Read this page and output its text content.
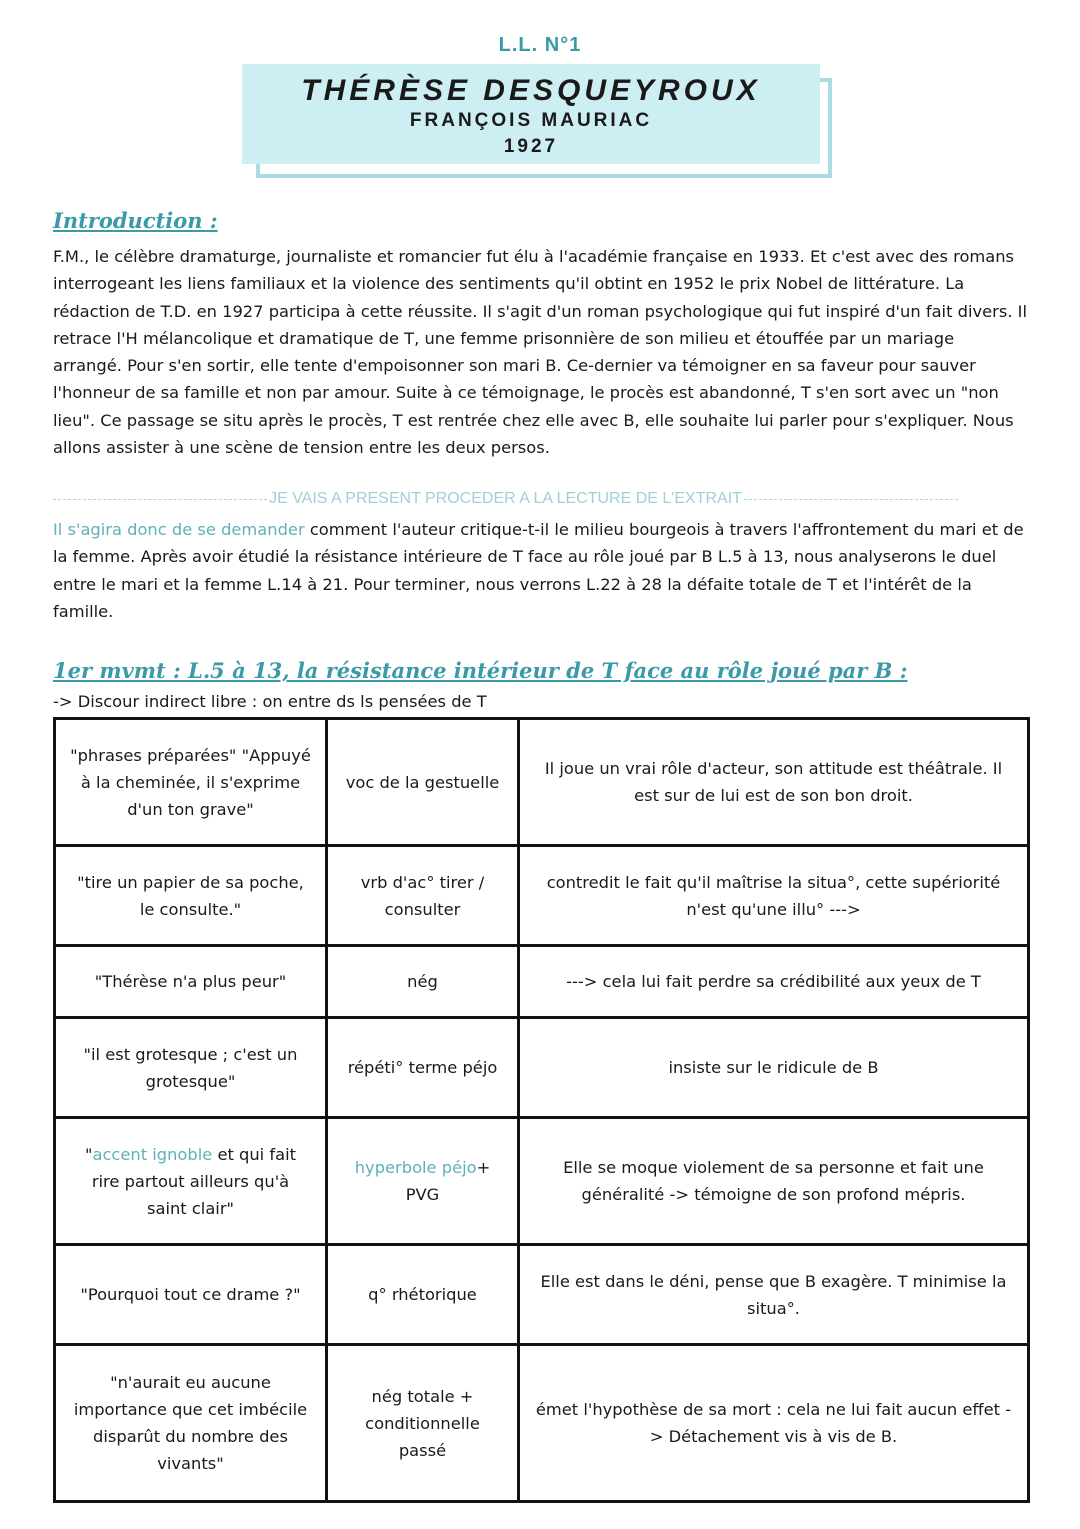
L.L. N°1
THÉRÈSE DESQUEYROUX
FRANÇOIS MAURIAC
1927
Introduction :
F.M., le célèbre dramaturge, journaliste et romancier fut élu à l'académie française en 1933. Et c'est avec des romans interrogeant les liens familiaux et la violence des sentiments qu'il obtint en 1952 le prix Nobel de littérature. La rédaction de T.D. en 1927 participa à cette réussite. Il s'agit d'un roman psychologique qui fut inspiré d'un fait divers. Il retrace l'H mélancolique et dramatique de T, une femme prisonnière de son milieu et étouffée par un mariage arrangé. Pour s'en sortir, elle tente d'empoisonner son mari B. Ce-dernier va témoigner en sa faveur pour sauver l'honneur de sa famille et non par amour. Suite à ce témoignage, le procès est abandonné, T s'en sort avec un "non lieu". Ce passage se situ après le procès, T est rentrée chez elle avec B, elle souhaite lui parler pour s'expliquer. Nous allons assister à une scène de tension entre les deux persos.
JE VAIS A PRESENT PROCEDER A LA LECTURE DE L'EXTRAIT
Il s'agira donc de se demander comment l'auteur critique-t-il le milieu bourgeois à travers l'affrontement du mari et de la femme. Après avoir étudié la résistance intérieure de T face au rôle joué par B L.5 à 13, nous analyserons le duel entre le mari et la femme L.14 à 21. Pour terminer, nous verrons L.22 à 28 la défaite totale de T et l'intérêt de la famille.
1er mvmt : L.5 à 13, la résistance intérieur de T face au rôle joué par B :
-> Discour indirect libre : on entre ds ls pensées de T
"phrases préparées" "Appuyé à la cheminée, il s'exprime d'un ton grave"	voc de la gestuelle	Il joue un vrai rôle d'acteur, son attitude est théâtrale. Il est sur de lui est de son bon droit.
"tire un papier de sa poche, le consulte."	vrb d'ac° tirer / consulter	contredit le fait qu'il maîtrise la situa°, cette supériorité n'est qu'une illu° --->
"Thérèse n'a plus peur"	nég	---> cela lui fait perdre sa crédibilité aux yeux de T
"il est grotesque ; c'est un grotesque"	répéti° terme péjo	insiste sur le ridicule de B
"accent ignoble et qui fait rire partout ailleurs qu'à saint clair"	hyperbole péjo+ PVG	Elle se moque violement de sa personne et fait une généralité -> témoigne de son profond mépris.
"Pourquoi tout ce drame ?"	q° rhétorique	Elle est dans le déni, pense que B exagère. T minimise la situa°.
"n'aurait eu aucune importance que cet imbécile disparût du nombre des vivants"	nég totale + conditionnelle passé	émet l'hypothèse de sa mort : cela ne lui fait aucun effet -> Détachement vis à vis de B.
